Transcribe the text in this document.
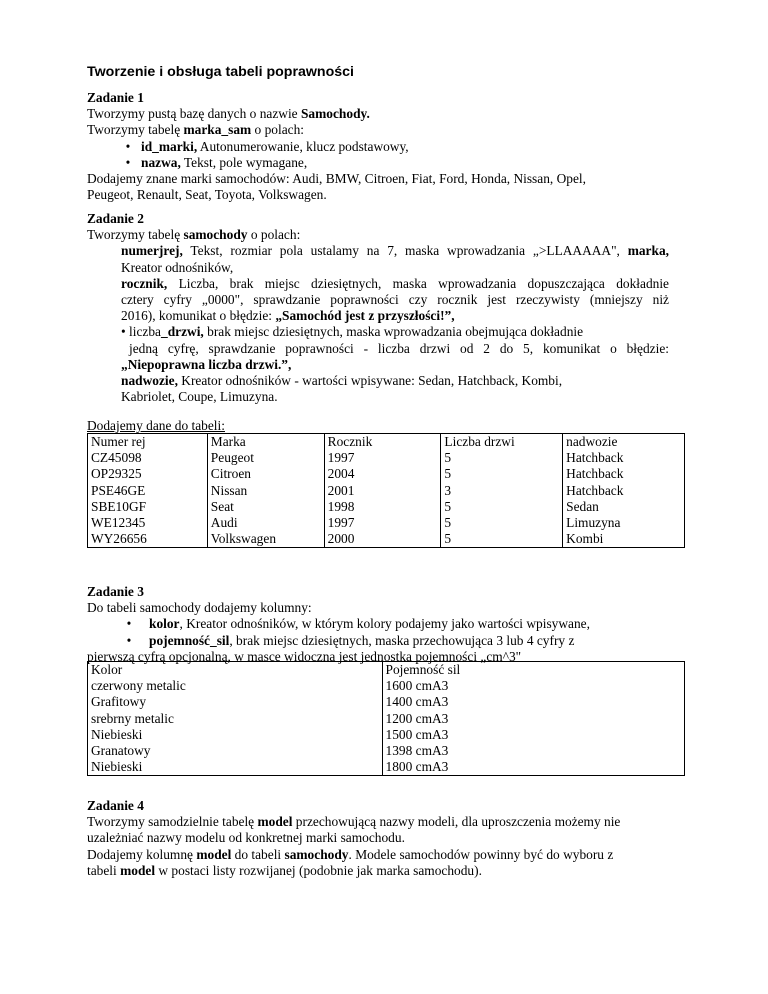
Tworzenie i obsługa tabeli poprawności
Zadanie 1
Tworzymy pustą bazę danych o nazwie Samochody.
Tworzymy tabelę marka_sam o polach:
• id_marki, Autonumerowanie, klucz podstawowy,
• nazwa, Tekst, pole wymagane,
Dodajemy znane marki samochodów: Audi, BMW, Citroen, Fiat, Ford, Honda, Nissan, Opel,
Peugeot, Renault, Seat, Toyota, Volkswagen.
Zadanie 2
Tworzymy tabelę samochody o polach:
numerjrej, Tekst, rozmiar pola ustalamy na 7, maska wprowadzania „>LLAAAAA", marka,
Kreator odnośników,
rocznik, Liczba, brak miejsc dziesiętnych, maska wprowadzania dopuszczająca dokładnie
cztery cyfry „0000", sprawdzanie poprawności czy rocznik jest rzeczywisty (mniejszy niż
2016), komunikat o błędzie: „Samochód jest z przyszłości!”,
• liczba_drzwi, brak miejsc dziesiętnych, maska wprowadzania obejmująca dokładnie
jedną cyfrę, sprawdzanie poprawności - liczba drzwi od 2 do 5, komunikat o błędzie:
„Niepoprawna liczba drzwi.”,
nadwozie, Kreator odnośników - wartości wpisywane: Sedan, Hatchback, Kombi,
Kabriolet, Coupe, Limuzyna.
Dodajemy dane do tabeli:
Numer rej	Marka	Rocznik	Liczba drzwi	nadwozie
CZ45098	Peugeot	1997	5	Hatchback
OP29325	Citroen	2004	5	Hatchback
PSE46GE	Nissan	2001	3	Hatchback
SBE10GF	Seat	1998	5	Sedan
WE12345	Audi	1997	5	Limuzyna
WY26656	Volkswagen	2000	5	Kombi
Zadanie 3
Do tabeli samochody dodajemy kolumny:
• kolor, Kreator odnośników, w którym kolory podajemy jako wartości wpisywane,
• pojemność_sil, brak miejsc dziesiętnych, maska przechowująca 3 lub 4 cyfry z
pierwszą cyfrą opcjonalną, w masce widoczna jest jednostka pojemności „cm^3"
Kolor	Pojemność sil
czerwony metalic	1600 cmA3
Grafitowy	1400 cmA3
srebrny metalic	1200 cmA3
Niebieski	1500 cmA3
Granatowy	1398 cmA3
Niebieski	1800 cmA3
Zadanie 4
Tworzymy samodzielnie tabelę model przechowującą nazwy modeli, dla uproszczenia możemy nie
uzależniać nazwy modelu od konkretnej marki samochodu.
Dodajemy kolumnę model do tabeli samochody. Modele samochodów powinny być do wyboru z
tabeli model w postaci listy rozwijanej (podobnie jak marka samochodu).
